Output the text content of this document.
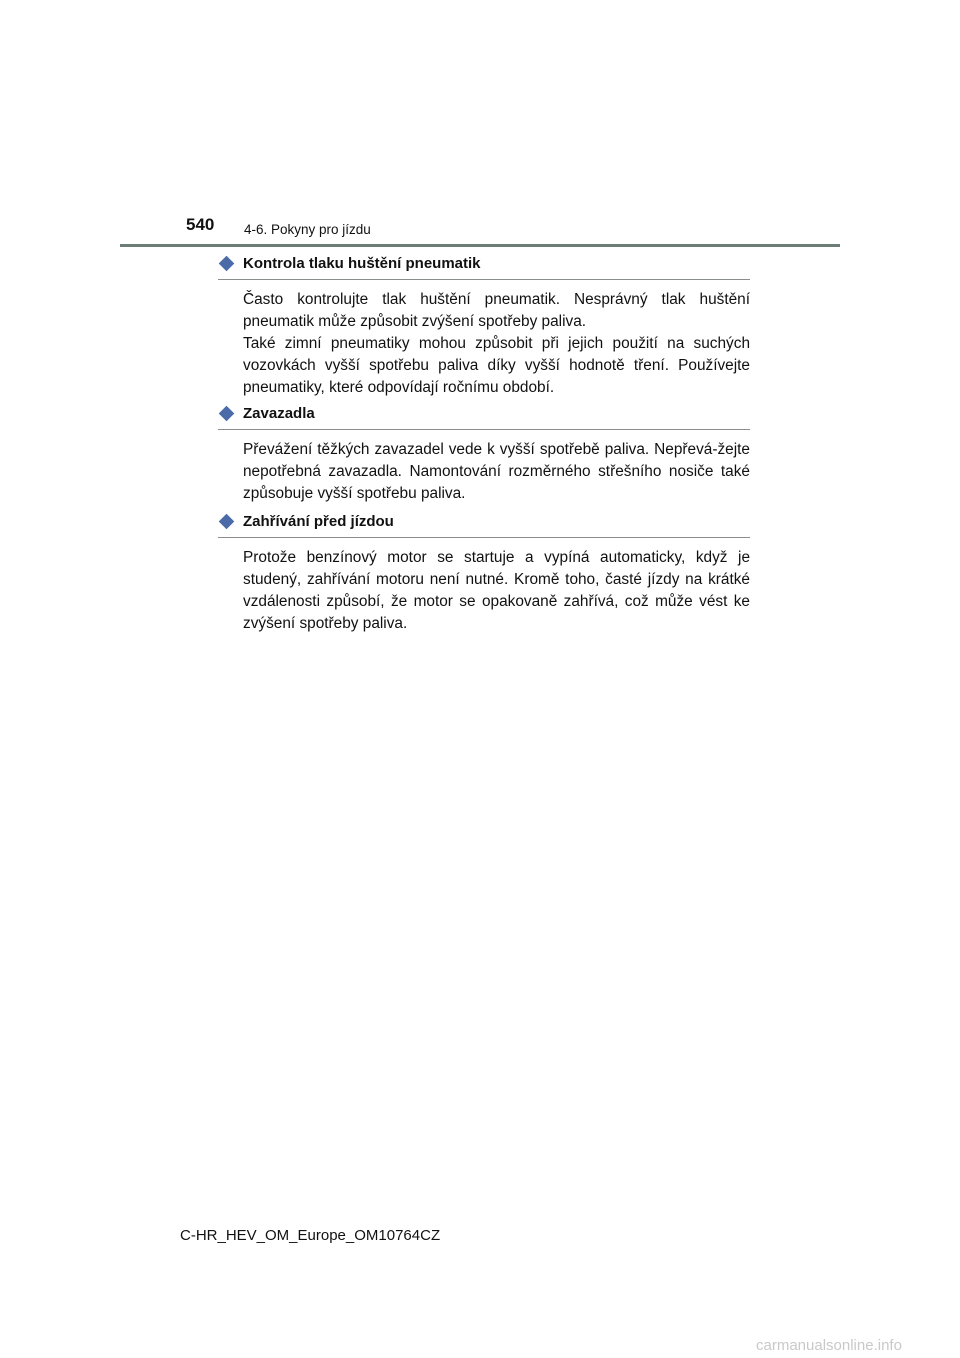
540 4-6. Pokyny pro jízdu
Kontrola tlaku huštění pneumatik

Často kontrolujte tlak huštění pneumatik. Nesprávný tlak huštění pneumatik může způsobit zvýšení spotřeby paliva.

Také zimní pneumatiky mohou způsobit při jejich použití na suchých vozovkách vyšší spotřebu paliva díky vyšší hodnotě tření. Používejte pneumatiky, které odpovídají ročnímu období.

Zavazadla

Převážení těžkých zavazadel vede k vyšší spotřebě paliva. Nepřevá-žejte nepotřebná zavazadla. Namontování rozměrného střešního nosiče také způsobuje vyšší spotřebu paliva.

Zahřívání před jízdou

Protože benzínový motor se startuje a vypíná automaticky, když je studený, zahřívání motoru není nutné. Kromě toho, časté jízdy na krátké vzdálenosti způsobí, že motor se opakovaně zahřívá, což může vést ke zvýšení spotřeby paliva.

C-HR_HEV_OM_Europe_OM10764CZ
carmanualsonline.info
